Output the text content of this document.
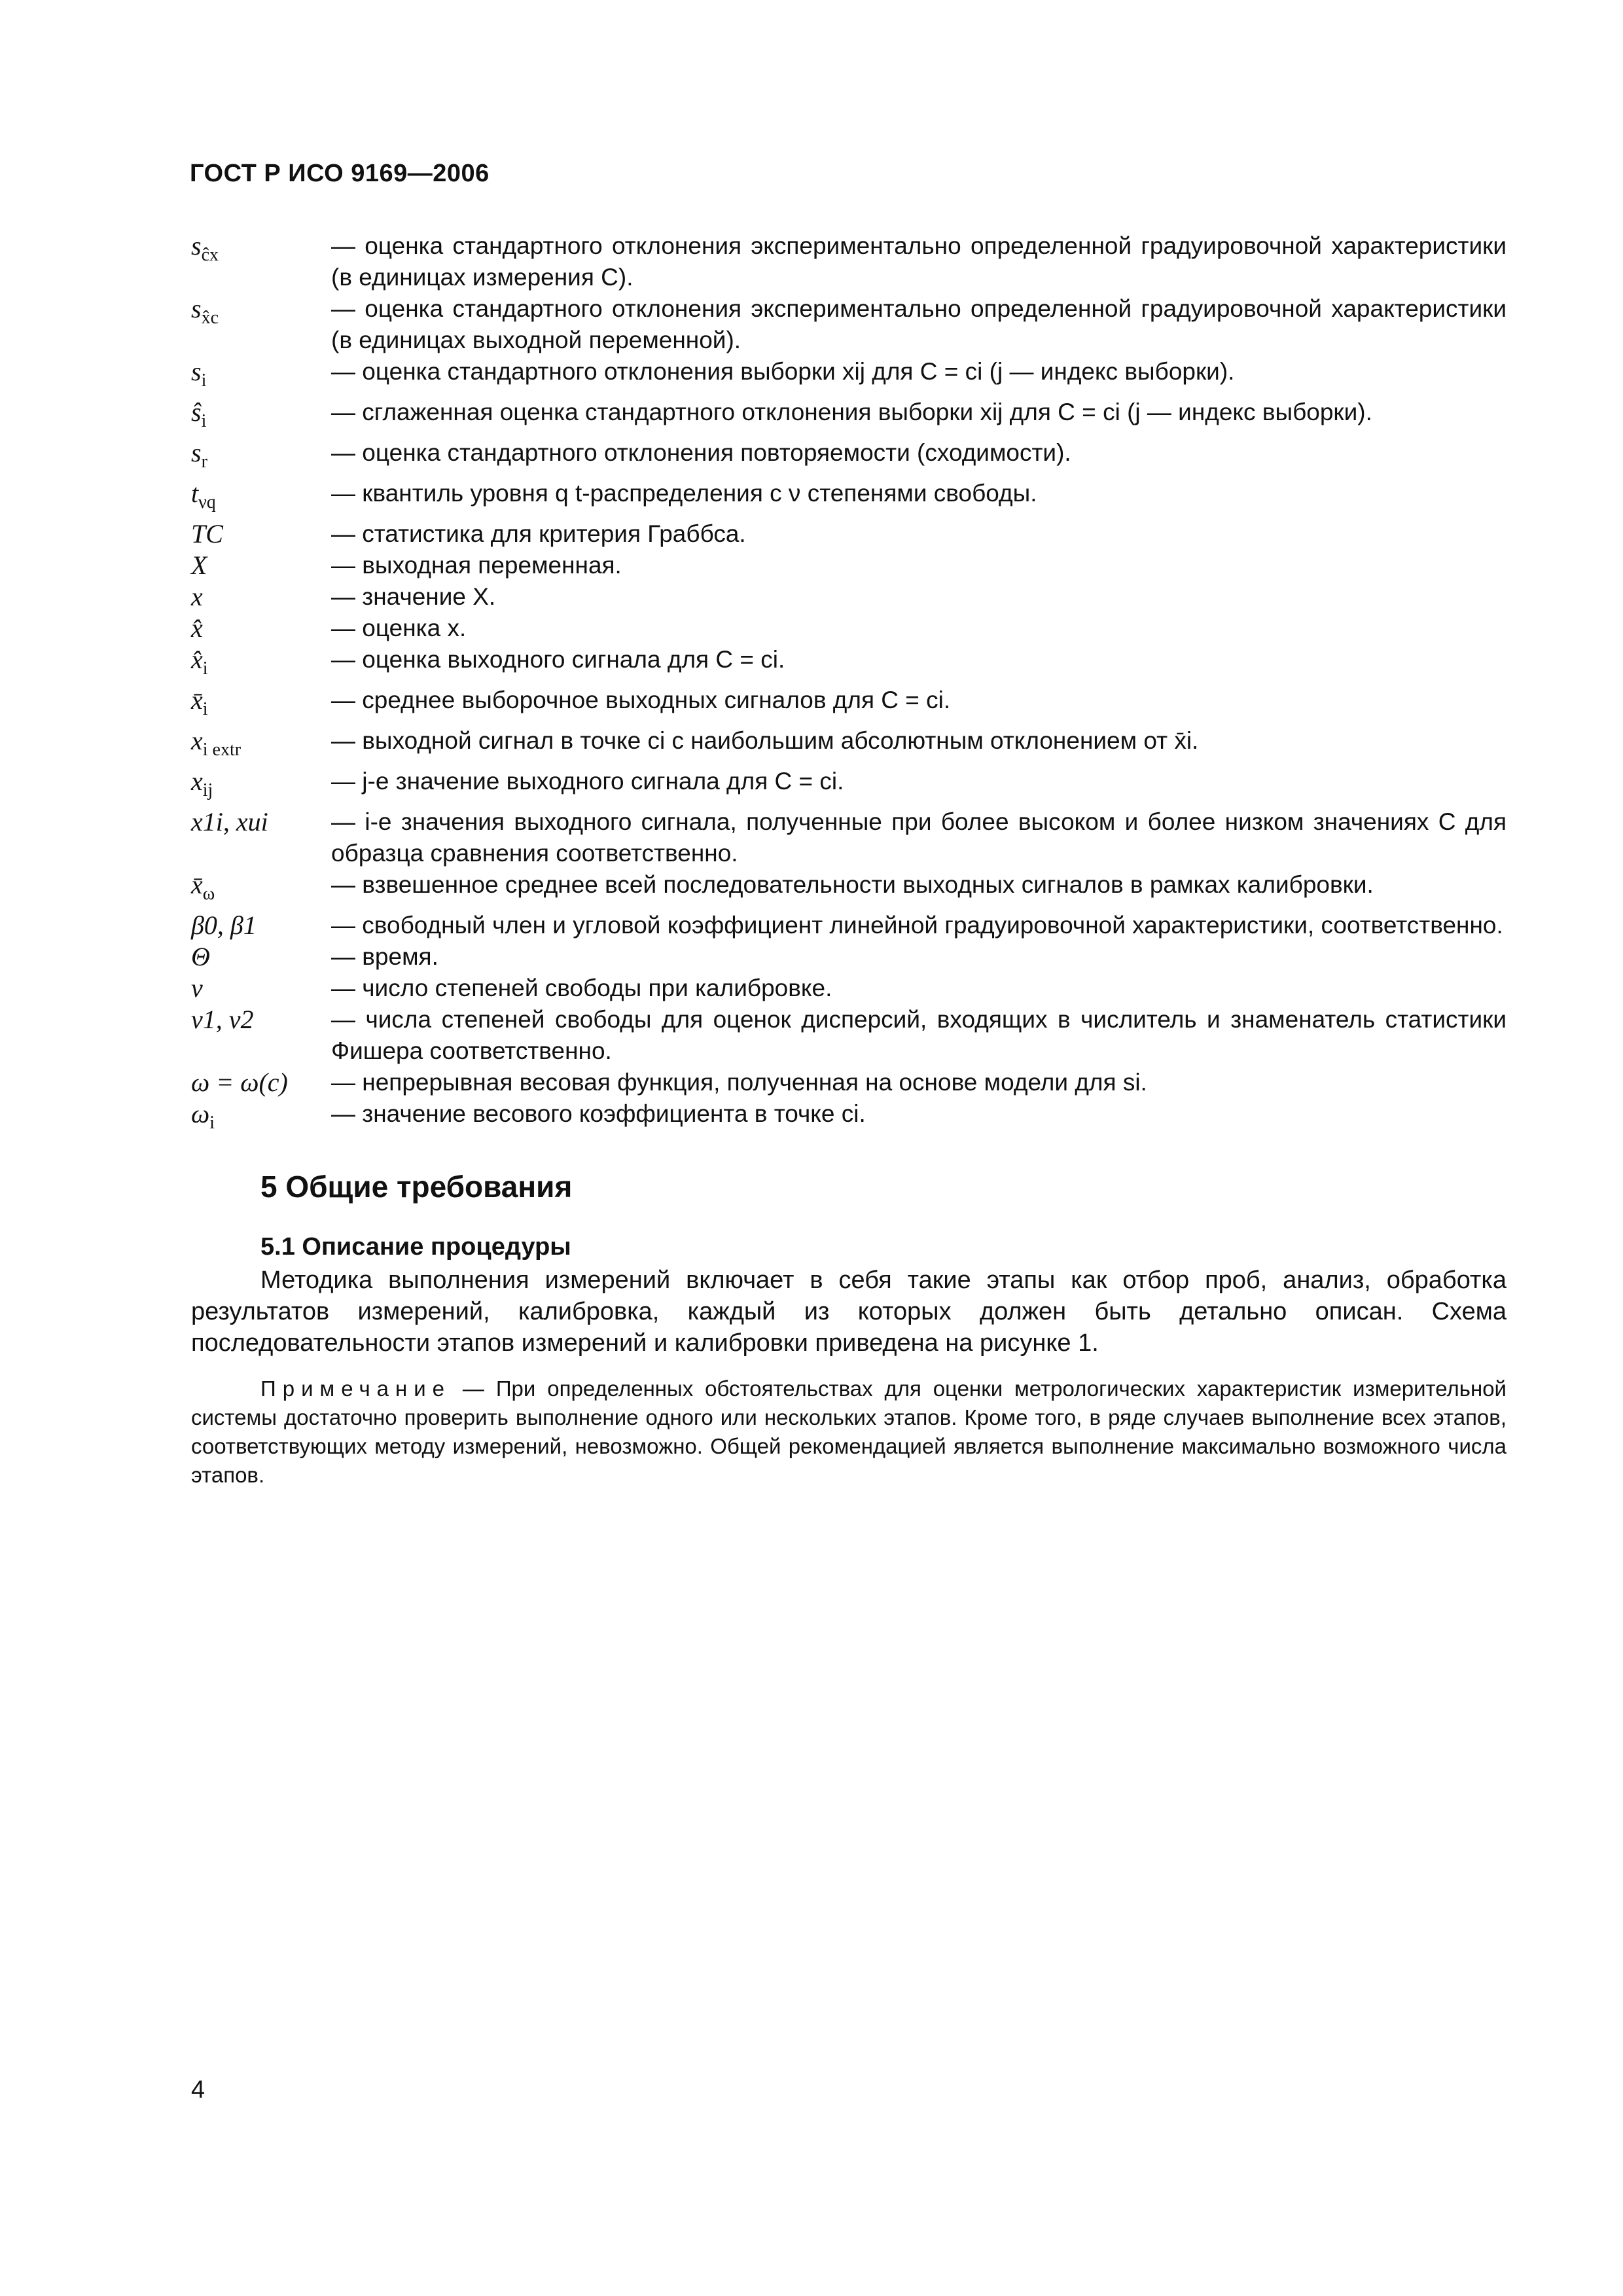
ГОСТ Р ИСО 9169—2006
$s_{ĉx}$	— оценка стандартного отклонения экспериментально определенной градуировочной характеристики (в единицах измерения C).
$s_{x̂c}$	— оценка стандартного отклонения экспериментально определенной градуировочной характеристики (в единицах выходной переменной).
$s_i$	— оценка стандартного отклонения выборки xij для C = ci (j — индекс выборки).
$ŝ_i$	— сглаженная оценка стандартного отклонения выборки xij для C = ci (j — индекс выборки).
$s_r$	— оценка стандартного отклонения повторяемости (сходимости).
$t_{\nu q}$	— квантиль уровня q t-распределения с ν степенями свободы.
TC	— статистика для критерия Граббса.
X	— выходная переменная.
x	— значение X.
x̂	— оценка x.
$x̂_i$	— оценка выходного сигнала для C = ci.
$x̄_i$	— среднее выборочное выходных сигналов для C = ci.
$x_{i extr}$	— выходной сигнал в точке ci с наибольшим абсолютным отклонением от x̄i.
$x_{ij}$	— j-е значение выходного сигнала для C = ci.
x1i, xui	— i-е значения выходного сигнала, полученные при более высоком и более низком значениях C для образца сравнения соответственно.
$x̄_\omega$	— взвешенное среднее всей последовательности выходных сигналов в рамках калибровки.
β0, β1	— свободный член и угловой коэффициент линейной градуировочной характеристики, соответственно.
Θ	— время.
ν	— число степеней свободы при калибровке.
ν1, ν2	— числа степеней свободы для оценок дисперсий, входящих в числитель и знаменатель статистики Фишера соответственно.
ω = ω(c)	— непрерывная весовая функция, полученная на основе модели для si.
$\omega_i$	— значение весового коэффициента в точке ci.
5 Общие требования
5.1 Описание процедуры
Методика выполнения измерений включает в себя такие этапы как отбор проб, анализ, обработка результатов измерений, калибровка, каждый из которых должен быть детально описан. Схема последовательности этапов измерений и калибровки приведена на рисунке 1.
Примечание — При определенных обстоятельствах для оценки метрологических характеристик измерительной системы достаточно проверить выполнение одного или нескольких этапов. Кроме того, в ряде случаев выполнение всех этапов, соответствующих методу измерений, невозможно. Общей рекомендацией является выполнение максимально возможного числа этапов.
4
